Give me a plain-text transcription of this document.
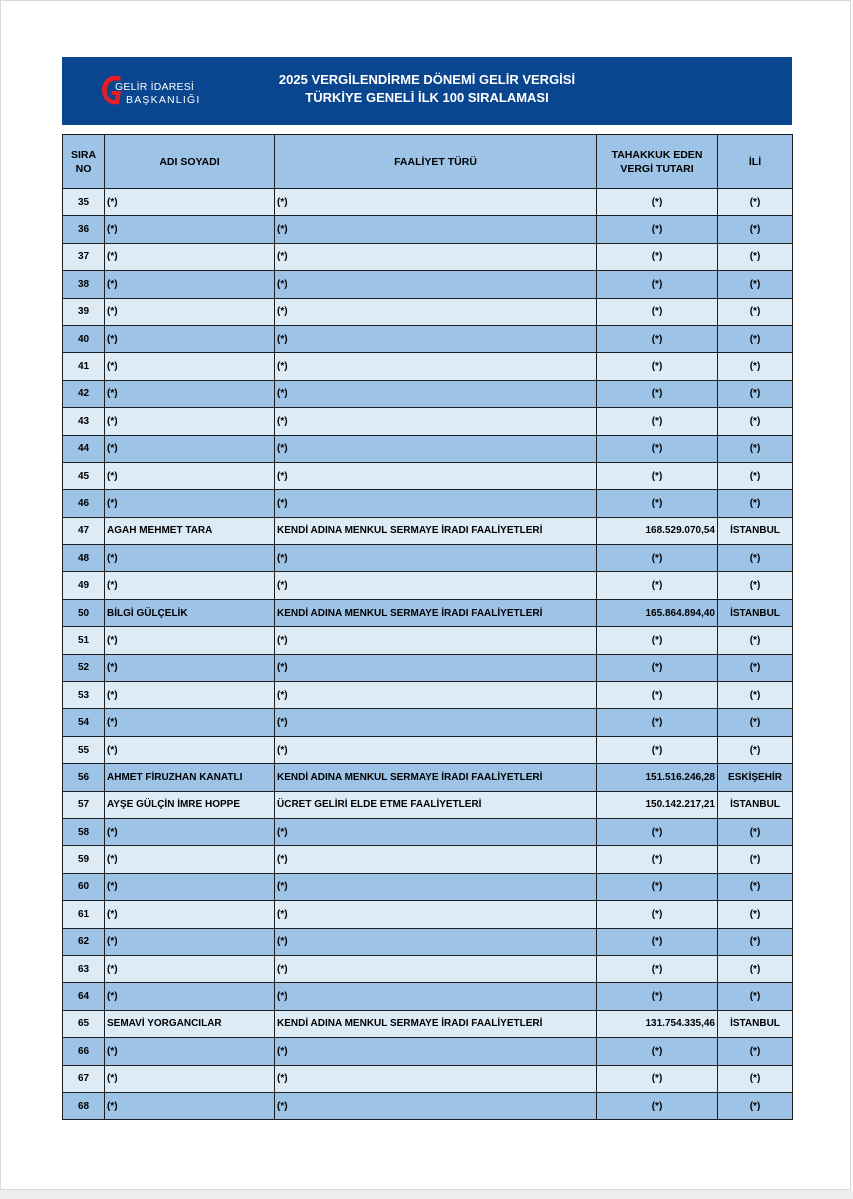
GELİR İDARESİ
BAŞKANLIĞI
2025 VERGİLENDİRME DÖNEMİ GELİR VERGİSİ
TÜRKİYE GENELİ İLK 100 SIRALAMASI
SIRA NO	ADI SOYADI	FAALİYET TÜRÜ	TAHAKKUK EDEN VERGİ TUTARI	İLİ
35	(*)	(*)	(*)	(*)
36	(*)	(*)	(*)	(*)
37	(*)	(*)	(*)	(*)
38	(*)	(*)	(*)	(*)
39	(*)	(*)	(*)	(*)
40	(*)	(*)	(*)	(*)
41	(*)	(*)	(*)	(*)
42	(*)	(*)	(*)	(*)
43	(*)	(*)	(*)	(*)
44	(*)	(*)	(*)	(*)
45	(*)	(*)	(*)	(*)
46	(*)	(*)	(*)	(*)
47	AGAH MEHMET TARA	KENDİ ADINA MENKUL SERMAYE İRADI FAALİYETLERİ	168.529.070,54	İSTANBUL
48	(*)	(*)	(*)	(*)
49	(*)	(*)	(*)	(*)
50	BİLGİ GÜLÇELİK	KENDİ ADINA MENKUL SERMAYE İRADI FAALİYETLERİ	165.864.894,40	İSTANBUL
51	(*)	(*)	(*)	(*)
52	(*)	(*)	(*)	(*)
53	(*)	(*)	(*)	(*)
54	(*)	(*)	(*)	(*)
55	(*)	(*)	(*)	(*)
56	AHMET FİRUZHAN KANATLI	KENDİ ADINA MENKUL SERMAYE İRADI FAALİYETLERİ	151.516.246,28	ESKİŞEHİR
57	AYŞE GÜLÇİN İMRE HOPPE	ÜCRET GELİRİ ELDE ETME FAALİYETLERİ	150.142.217,21	İSTANBUL
58	(*)	(*)	(*)	(*)
59	(*)	(*)	(*)	(*)
60	(*)	(*)	(*)	(*)
61	(*)	(*)	(*)	(*)
62	(*)	(*)	(*)	(*)
63	(*)	(*)	(*)	(*)
64	(*)	(*)	(*)	(*)
65	SEMAVİ YORGANCILAR	KENDİ ADINA MENKUL SERMAYE İRADI FAALİYETLERİ	131.754.335,46	İSTANBUL
66	(*)	(*)	(*)	(*)
67	(*)	(*)	(*)	(*)
68	(*)	(*)	(*)	(*)
